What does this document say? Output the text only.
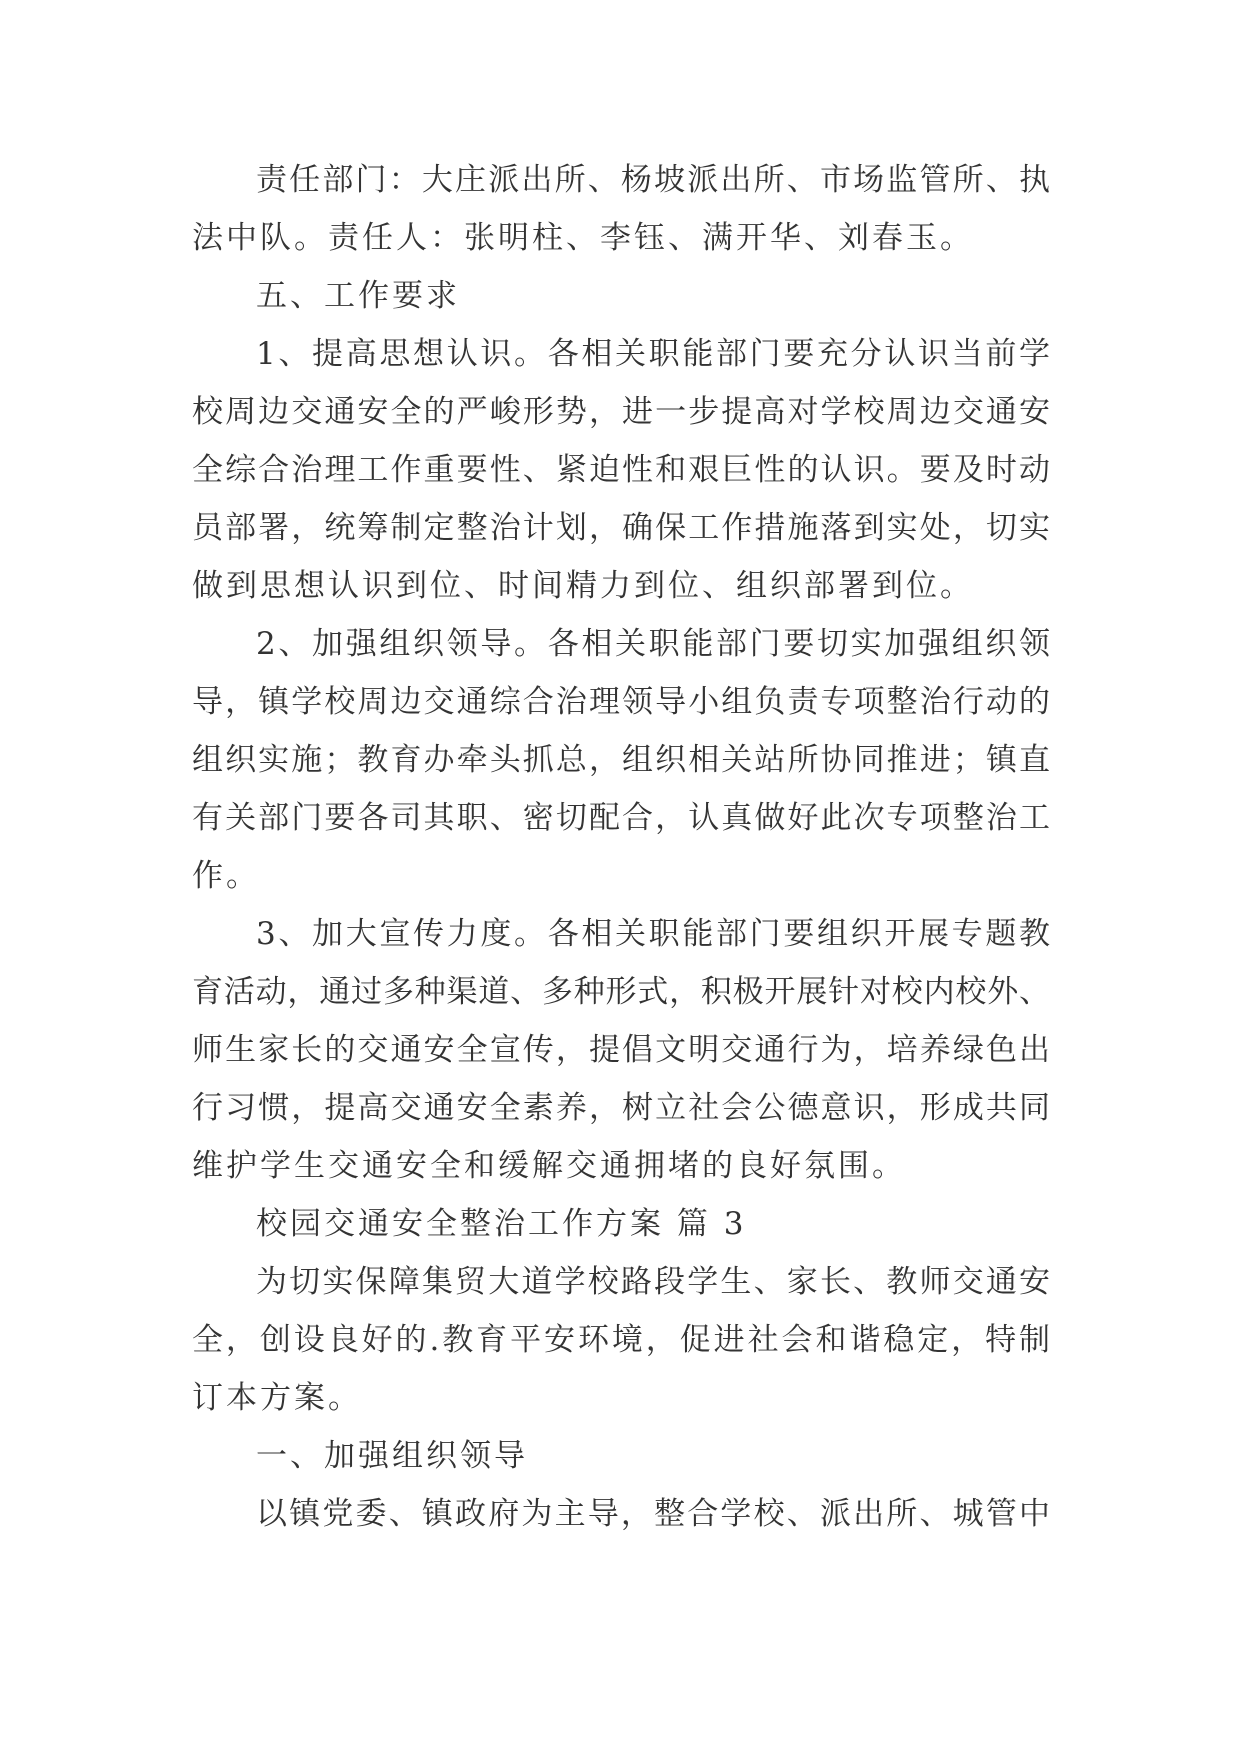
责任部门：大庄派出所、杨坡派出所、市场监管所、执
法中队。责任人：张明柱、李钰、满开华、刘春玉。
五、工作要求
1、提高思想认识。各相关职能部门要充分认识当前学
校周边交通安全的严峻形势，进一步提高对学校周边交通安
全综合治理工作重要性、紧迫性和艰巨性的认识。要及时动
员部署，统筹制定整治计划，确保工作措施落到实处，切实
做到思想认识到位、时间精力到位、组织部署到位。
2、加强组织领导。各相关职能部门要切实加强组织领
导，镇学校周边交通综合治理领导小组负责专项整治行动的
组织实施；教育办牵头抓总，组织相关站所协同推进；镇直
有关部门要各司其职、密切配合，认真做好此次专项整治工
作。
3、加大宣传力度。各相关职能部门要组织开展专题教
育活动，通过多种渠道、多种形式，积极开展针对校内校外、
师生家长的交通安全宣传，提倡文明交通行为，培养绿色出
行习惯，提高交通安全素养，树立社会公德意识，形成共同
维护学生交通安全和缓解交通拥堵的良好氛围。
校园交通安全整治工作方案 篇 3
为切实保障集贸大道学校路段学生、家长、教师交通安
全，创设良好的.教育平安环境，促进社会和谐稳定，特制
订本方案。
一、加强组织领导
以镇党委、镇政府为主导，整合学校、派出所、城管中
